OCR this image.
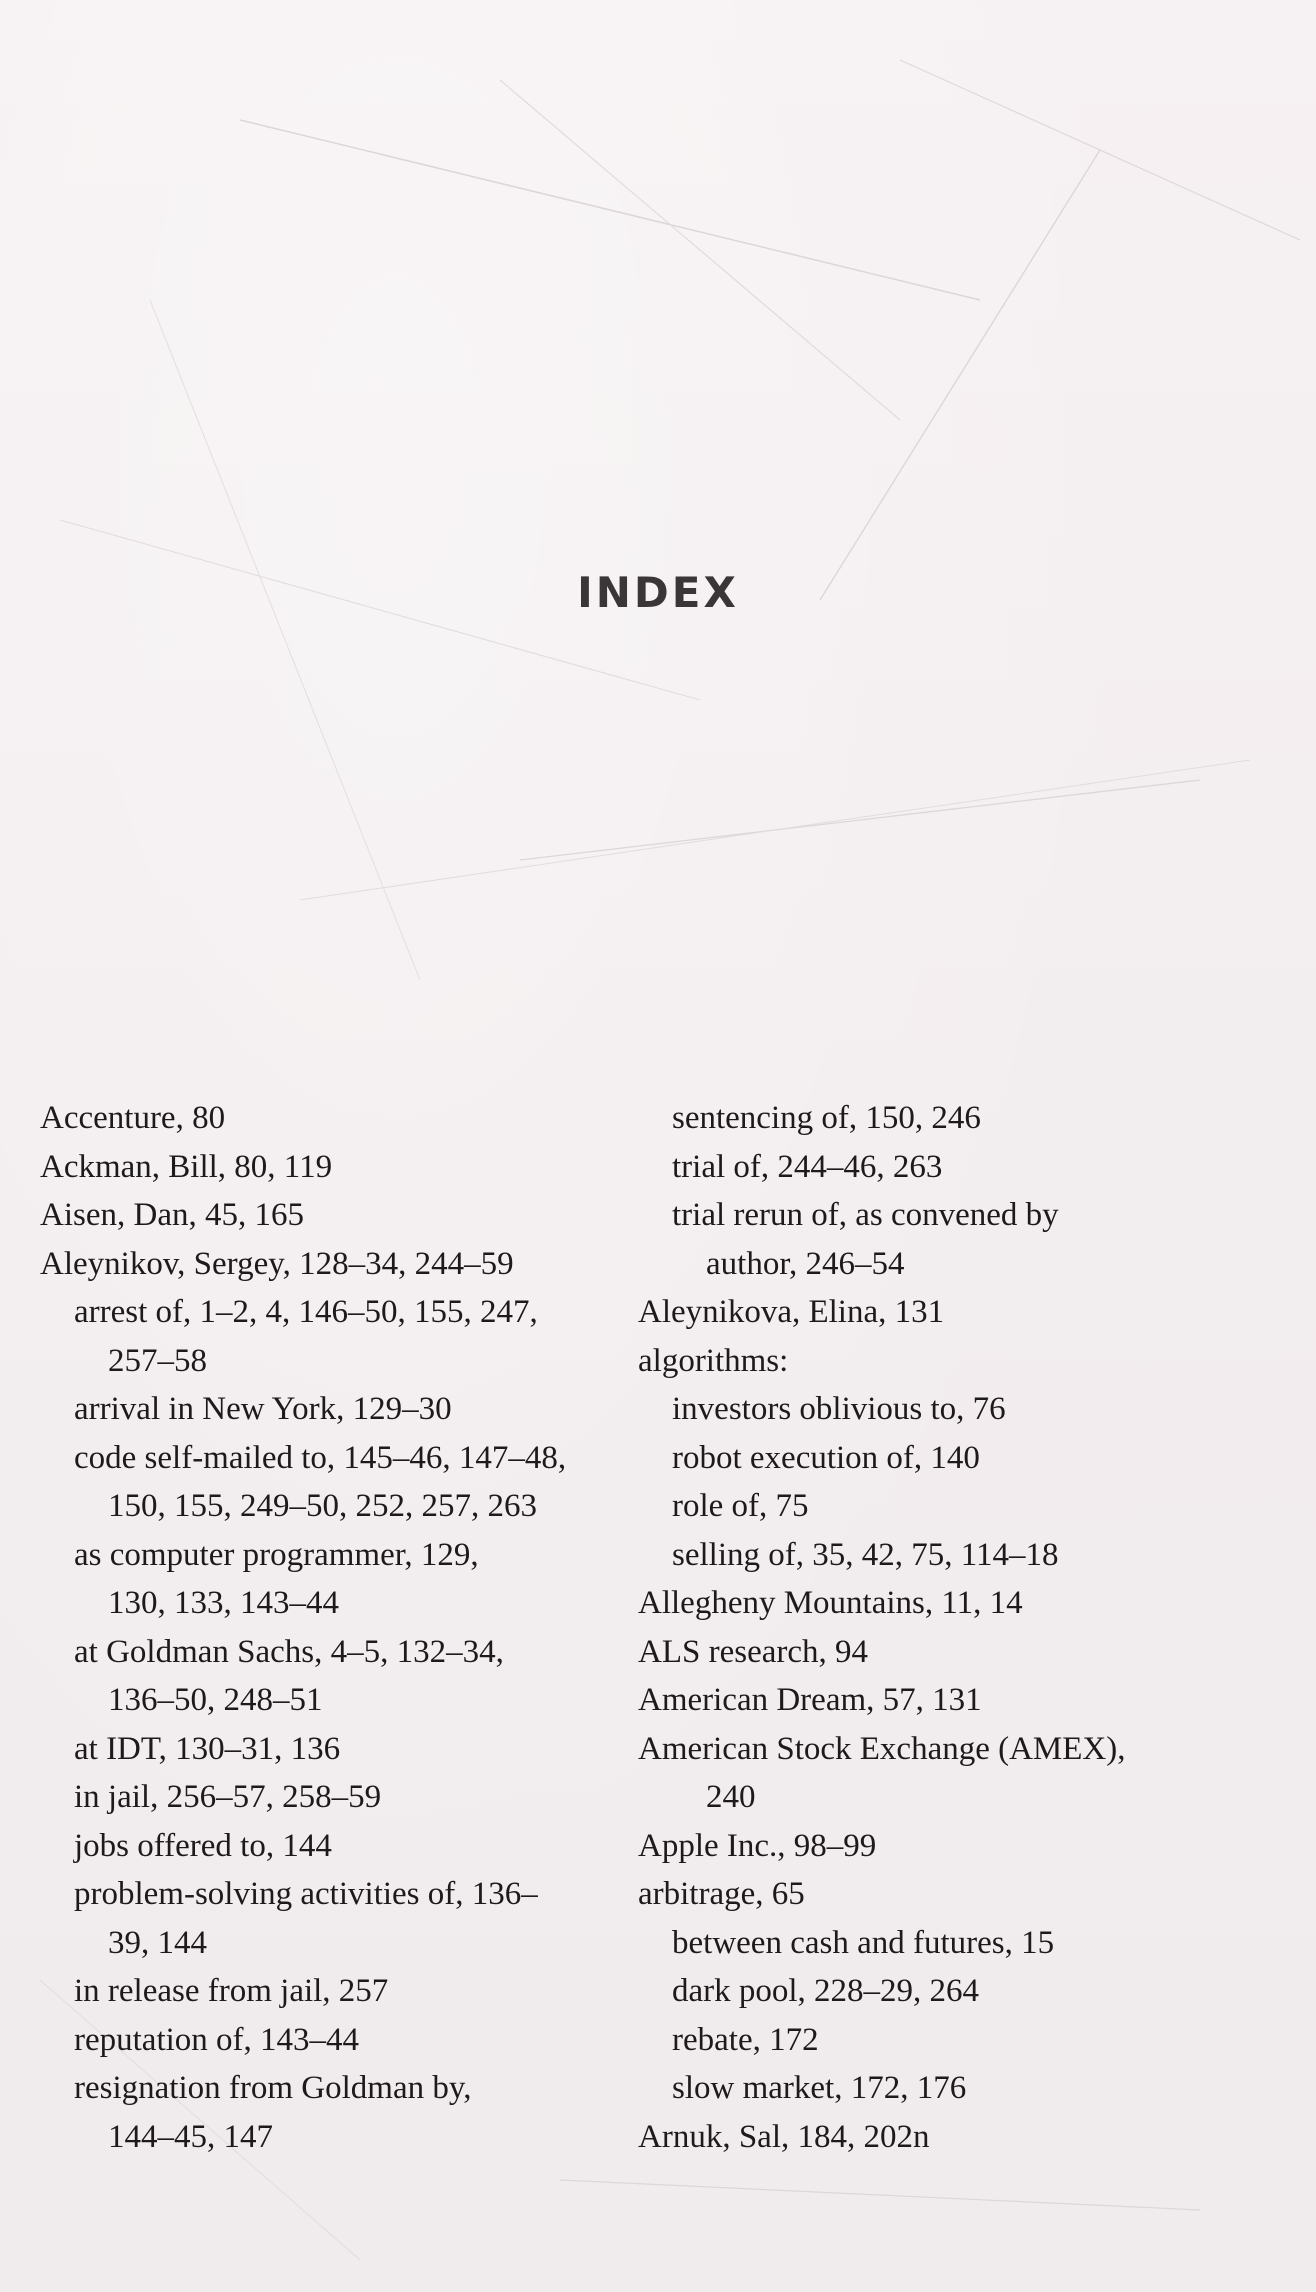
INDEX
Accenture, 80
Ackman, Bill, 80, 119
Aisen, Dan, 45, 165
Aleynikov, Sergey, 128–34, 244–59
arrest of, 1–2, 4, 146–50, 155, 247,
257–58
arrival in New York, 129–30
code self-mailed to, 145–46, 147–48,
150, 155, 249–50, 252, 257, 263
as computer programmer, 129,
130, 133, 143–44
at Goldman Sachs, 4–5, 132–34,
136–50, 248–51
at IDT, 130–31, 136
in jail, 256–57, 258–59
jobs offered to, 144
problem-solving activities of, 136–
39, 144
in release from jail, 257
reputation of, 143–44
resignation from Goldman by,
144–45, 147
sentencing of, 150, 246
trial of, 244–46, 263
trial rerun of, as convened by
author, 246–54
Aleynikova, Elina, 131
algorithms:
investors oblivious to, 76
robot execution of, 140
role of, 75
selling of, 35, 42, 75, 114–18
Allegheny Mountains, 11, 14
ALS research, 94
American Dream, 57, 131
American Stock Exchange (AMEX),
240
Apple Inc., 98–99
arbitrage, 65
between cash and futures, 15
dark pool, 228–29, 264
rebate, 172
slow market, 172, 176
Arnuk, Sal, 184, 202n
